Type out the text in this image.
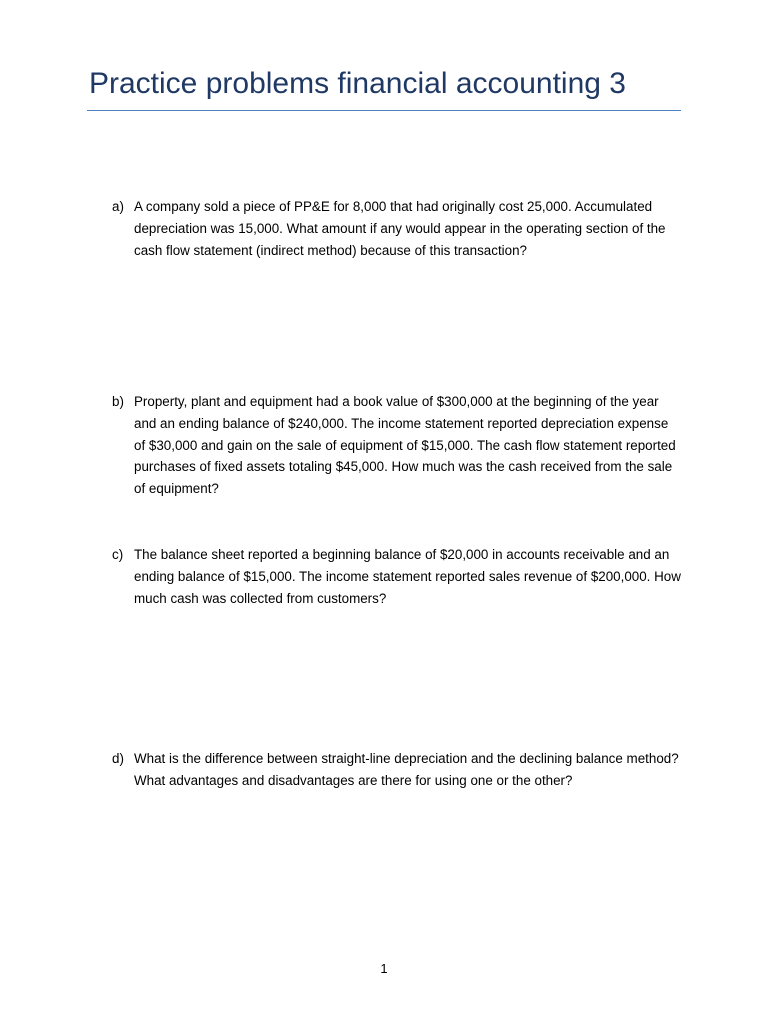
Practice problems financial accounting 3
a) A company sold a piece of PP&E for 8,000 that had originally cost 25,000. Accumulated depreciation was 15,000. What amount if any would appear in the operating section of the cash flow statement (indirect method) because of this transaction?

b) Property, plant and equipment had a book value of $300,000 at the beginning of the year and an ending balance of $240,000. The income statement reported depreciation expense of $30,000 and gain on the sale of equipment of $15,000. The cash flow statement reported purchases of fixed assets totaling $45,000. How much was the cash received from the sale of equipment?

c) The balance sheet reported a beginning balance of $20,000 in accounts receivable and an ending balance of $15,000. The income statement reported sales revenue of $200,000. How much cash was collected from customers?

d) What is the difference between straight-line depreciation and the declining balance method? What advantages and disadvantages are there for using one or the other?

1
